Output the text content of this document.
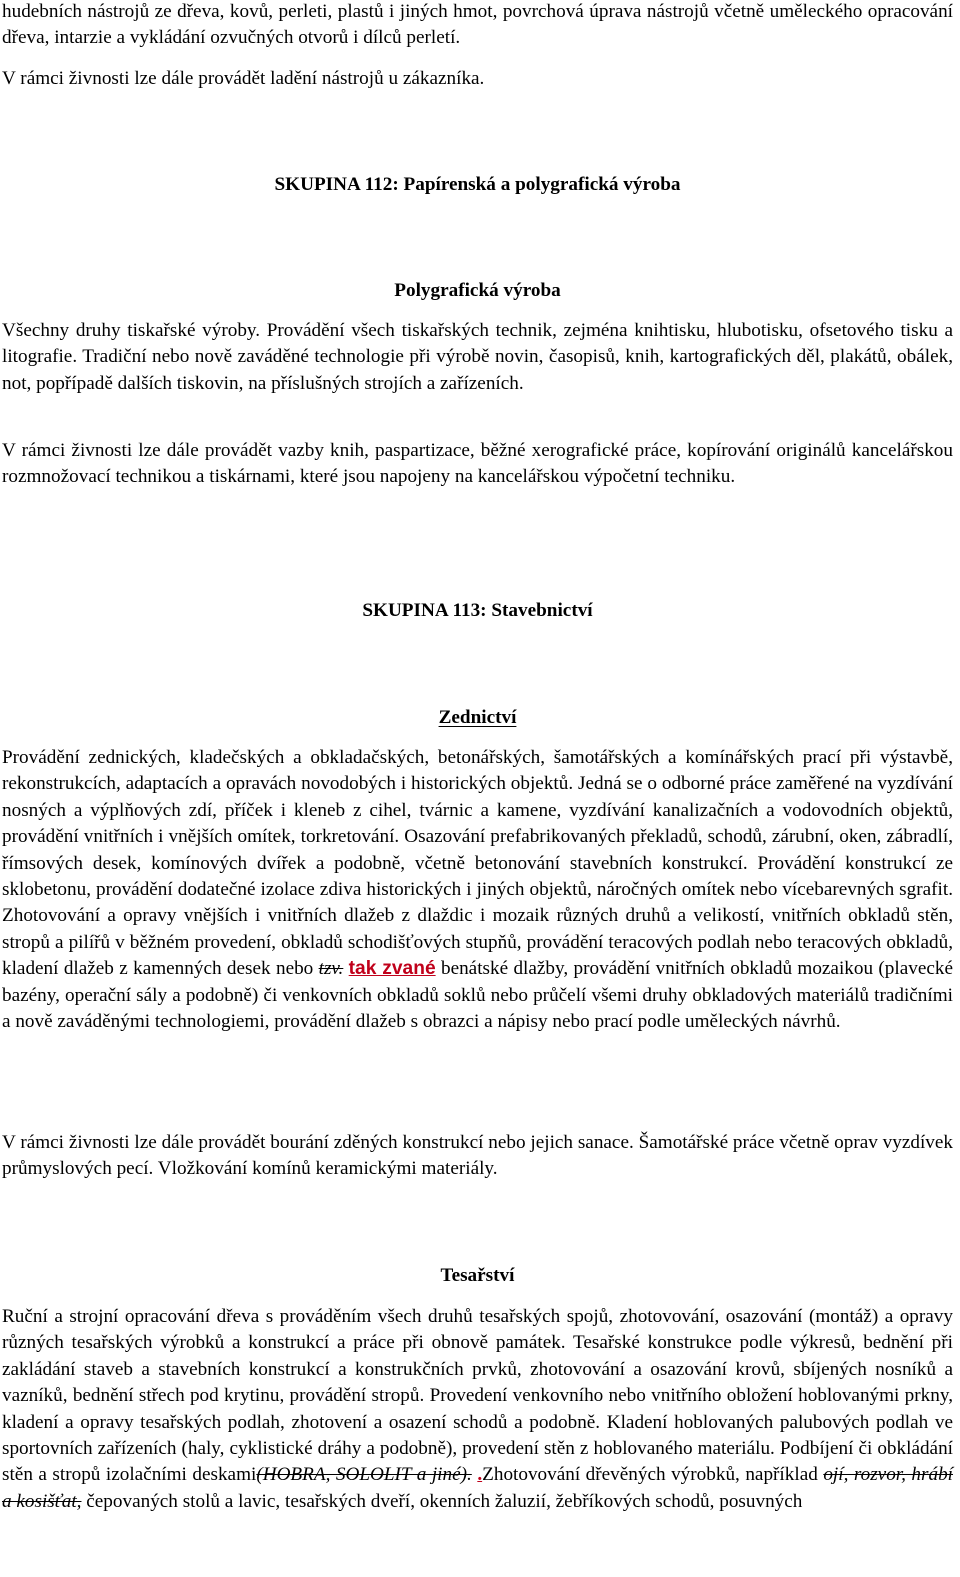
hudebních nástrojů ze dřeva, kovů, perleti, plastů i jiných hmot, povrchová úprava nástrojů včetně uměleckého opracování dřeva, intarzie a vykládání ozvučných otvorů i dílců perletí.

V rámci živnosti lze dále provádět ladění nástrojů u zákazníka.

SKUPINA 112: Papírenská a polygrafická výroba
Polygrafická výroba

Všechny druhy tiskařské výroby. Provádění všech tiskařských technik, zejména knihtisku, hlubotisku, ofsetového tisku a litografie. Tradiční nebo nově zaváděné technologie při výrobě novin, časopisů, knih, kartografických děl, plakátů, obálek, not, popřípadě dalších tiskovin, na příslušných strojích a zařízeních.

V rámci živnosti lze dále provádět vazby knih, paspartizace, běžné xerografické práce, kopírování originálů kancelářskou rozmnožovací technikou a tiskárnami, které jsou napojeny na kancelářskou výpočetní techniku.

SKUPINA 113: Stavebnictví
Zednictví

Provádění zednických, kladečských a obkladačských, betonářských, šamotářských a komínářských prací při výstavbě, rekonstrukcích, adaptacích a opravách novodobých i historických objektů. Jedná se o odborné práce zaměřené na vyzdívání nosných a výplňových zdí, příček i kleneb z cihel, tvárnic a kamene, vyzdívání kanalizačních a vodovodních objektů, provádění vnitřních i vnějších omítek, torkretování. Osazování prefabrikovaných překladů, schodů, zárubní, oken, zábradlí, římsových desek, komínových dvířek a podobně, včetně betonování stavebních konstrukcí. Provádění konstrukcí ze sklobetonu, provádění dodatečné izolace zdiva historických i jiných objektů, náročných omítek nebo vícebarevných sgrafit. Zhotovování a opravy vnějších i vnitřních dlažeb z dlaždic i mozaik různých druhů a velikostí, vnitřních obkladů stěn, stropů a pilířů v běžném provedení, obkladů schodišťových stupňů, provádění teracových podlah nebo teracových obkladů, kladení dlažeb z kamenných desek nebo tzv. tak zvané benátské dlažby, provádění vnitřních obkladů mozaikou (plavecké bazény, operační sály a podobně) či venkovních obkladů soklů nebo průčelí všemi druhy obkladových materiálů tradičními a nově zaváděnými technologiemi, provádění dlažeb s obrazci a nápisy nebo prací podle uměleckých návrhů.

V rámci živnosti lze dále provádět bourání zděných konstrukcí nebo jejich sanace. Šamotářské práce včetně oprav vyzdívek průmyslových pecí. Vložkování komínů keramickými materiály.

Tesařství

Ruční a strojní opracování dřeva s prováděním všech druhů tesařských spojů, zhotovování, osazování (montáž) a opravy různých tesařských výrobků a konstrukcí a práce při obnově památek. Tesařské konstrukce podle výkresů, bednění při zakládání staveb a stavebních konstrukcí a konstrukčních prvků, zhotovování a osazování krovů, sbíjených nosníků a vazníků, bednění střech pod krytinu, provádění stropů. Provedení venkovního nebo vnitřního obložení hoblovanými prkny, kladení a opravy tesařských podlah, zhotovení a osazení schodů a podobně. Kladení hoblovaných palubových podlah ve sportovních zařízeních (haly, cyklistické dráhy a podobně), provedení stěn z hoblovaného materiálu. Podbíjení či obkládání stěn a stropů izolačními deskami(HOBRA, SOLOLIT a jiné). .Zhotovování dřevěných výrobků, například ojí, rozvor, hrábí a kosišťat, čepovaných stolů a lavic, tesařských dveří, okenních žaluzií, žebříkových schodů, posuvných
